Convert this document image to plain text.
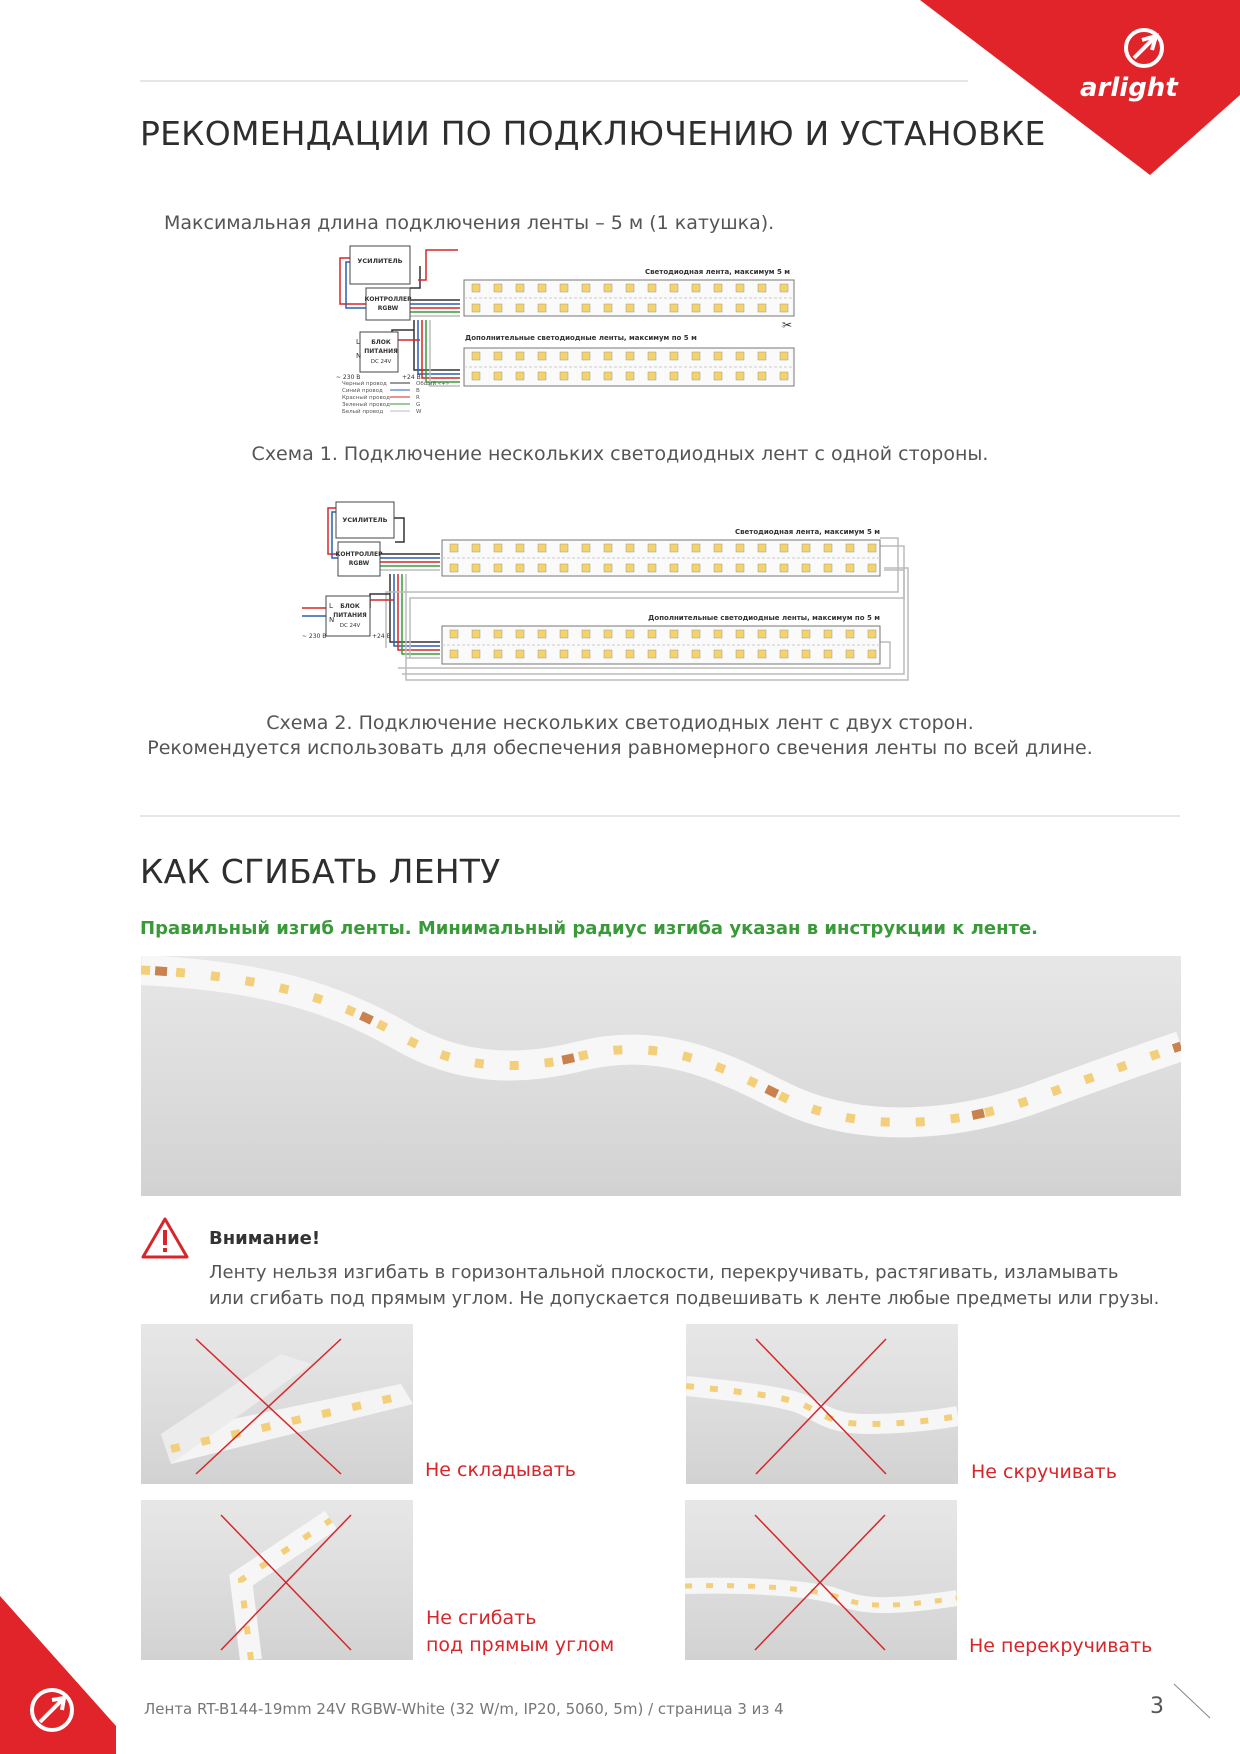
arlight
РЕКОМЕНДАЦИИ ПО ПОДКЛЮЧЕНИЮ И УСТАНОВКЕ
Максимальная длина подключения ленты – 5 м (1 катушка).
УСИЛИТЕЛЬ
КОНТРОЛЛЕР
RGBW
БЛОК
ПИТАНИЯ
DC 24V
L
N
~ 230 В	+24 В
Светодиодная лента, максимум 5 м
Дополнительные светодиодные ленты, максимум по 5 м
✂
Черный провод	Общий «+»
Синий провод	B
Красный провод	R
Зеленый провод	G
Белый провод	W
Схема 1. Подключение нескольких светодиодных лент с одной стороны.
УСИЛИТЕЛЬ
КОНТРОЛЛЕР
RGBW
БЛОК
ПИТАНИЯ
DC 24V
L
N
~ 230 В	+24 В
Светодиодная лента, максимум 5 м
Дополнительные светодиодные ленты, максимум по 5 м
Схема 2. Подключение нескольких светодиодных лент с двух сторон.
Рекомендуется использовать для обеспечения равномерного свечения ленты по всей длине.
КАК СГИБАТЬ ЛЕНТУ
Правильный изгиб ленты. Минимальный радиус изгиба указан в инструкции к ленте.
Внимание!
Ленту нельзя изгибать в горизонтальной плоскости, перекручивать, растягивать, изламывать
или сгибать под прямым углом. Не допускается подвешивать к ленте любые предметы или грузы.
Не складывать	Не скручивать
Не сгибать
под прямым углом	Не перекручивать
Лента RT-B144-19mm 24V RGBW-White (32 W/m, IP20, 5060, 5m) / страница 3 из 4	3
